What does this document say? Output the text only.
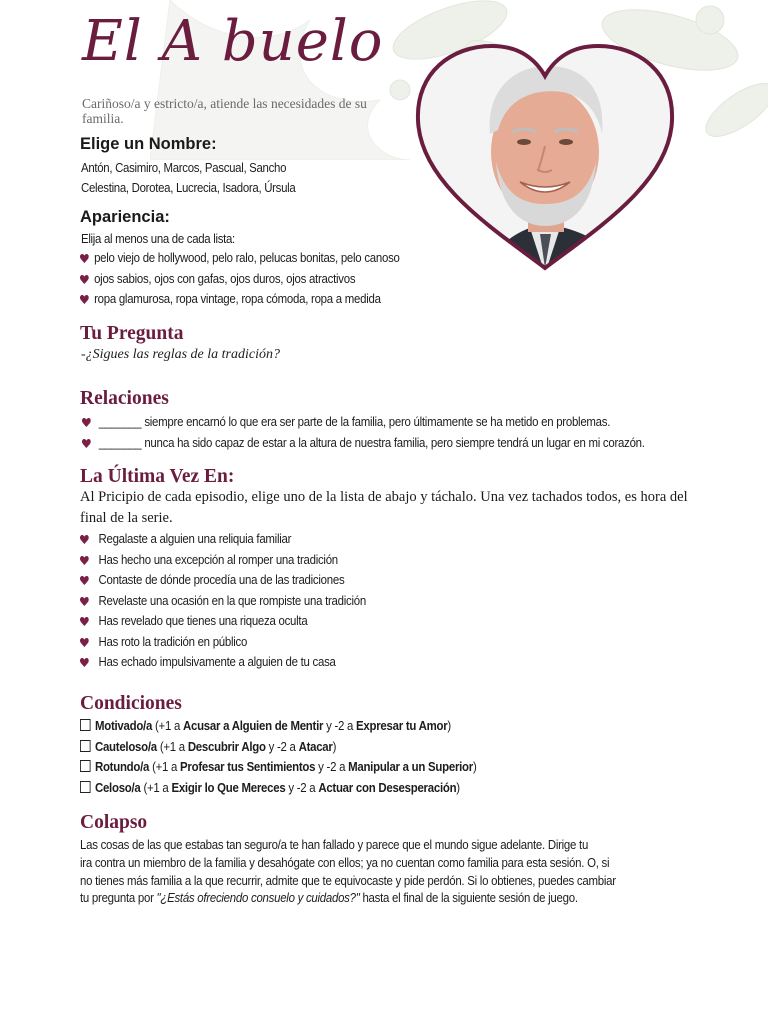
El A buelo

Cariñoso/a y estricto/a, atiende las necesidades de su familia.

Elige un Nombre:

Antón, Casimiro, Marcos, Pascual, Sancho

Celestina, Dorotea, Lucrecia, Isadora, Úrsula

Apariencia:

Elija al menos una de cada lista:

pelo viejo de hollywood, pelo ralo, pelucas bonitas, pelo canoso
ojos sabios, ojos con gafas, ojos duros, ojos atractivos
ropa glamurosa, ropa vintage, ropa cómoda, ropa a medida
Tu Pregunta

-¿Sigues las reglas de la tradición?

Relaciones
_______ siempre encarnó lo que era ser parte de la familia, pero últimamente se ha metido en problemas.
_______ nunca ha sido capaz de estar a la altura de nuestra familia, pero siempre tendrá un lugar en mi corazón.
La Última Vez En:

Al Pricipio de cada episodio, elige uno de la lista de abajo y táchalo. Una vez tachados todos, es hora del final de la serie.

Regalaste a alguien una reliquia familiar
Has hecho una excepción al romper una tradición
Contaste de dónde procedía una de las tradiciones
Revelaste una ocasión en la que rompiste una tradición
Has revelado que tienes una riqueza oculta
Has roto la tradición en público
Has echado impulsivamente a alguien de tu casa
Condiciones
Motivado/a (+1 a Acusar a Alguien de Mentir y -2 a Expresar tu Amor)
Cauteloso/a (+1 a Descubrir Algo y -2 a Atacar)
Rotundo/a (+1 a Profesar tus Sentimientos y -2 a Manipular a un Superior)
Celoso/a (+1 a Exigir lo Que Mereces y -2 a Actuar con Desesperación)
Colapso

Las cosas de las que estabas tan seguro/a te han fallado y parece que el mundo sigue adelante. Dirige tu

ira contra un miembro de la familia y desahógate con ellos; ya no cuentan como familia para esta sesión. O, si

no tienes más familia a la que recurrir, admite que te equivocaste y pide perdón. Si lo obtienes, puedes cambiar

tu pregunta por "¿Estás ofreciendo consuelo y cuidados?" hasta el final de la siguiente sesión de juego.
